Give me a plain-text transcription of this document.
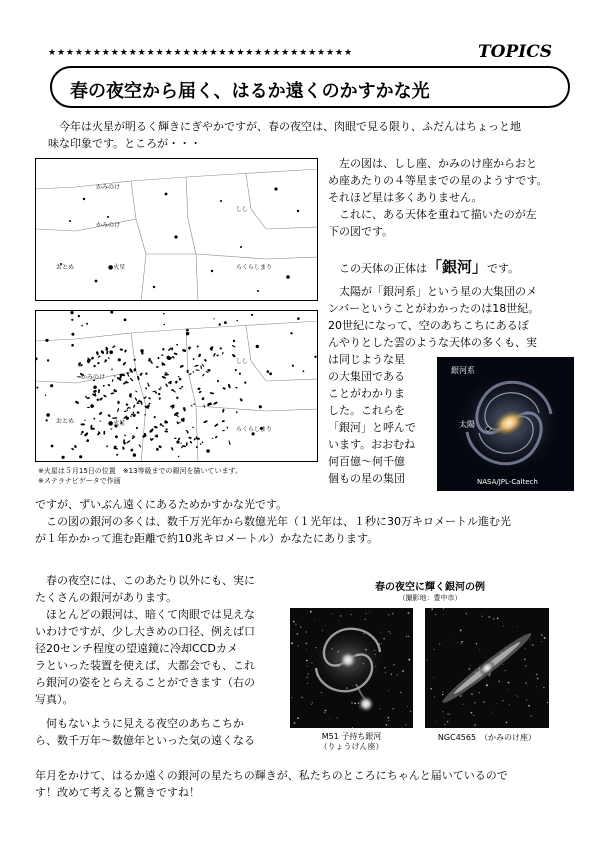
★★★★★★★★★★★★★★★★★★★★★★★★★★★★★★★★★★	TOPICS
春の夜空から届く、はるか遠くのかすかな光

今年は火星が明るく輝きにぎやかですが、春の夜空は、肉眼で見る限り、ふだんはちょっと地

味な印象です。ところが・・・

かみのけ
しし
かみのけ
おとめ	●火星	らくらしまり
しし
かみのけ
おとめ	●火星
らくらしまり
※火星は５月15日の位置　※13等級までの銀河を描いています。
※ステラナビゲータで作画

左の図は、しし座、かみのけ座からおと

め座あたりの４等星までの星のようすです。

それほど星は多くありません。

これに、ある天体を重ねて描いたのが左

下の図です。

この天体の正体は「銀河」です。

太陽が「銀河系」という星の大集団のメ

ンバーということがわかったのは18世紀。

20世紀になって、空のあちこちにあるぼ

んやりとした雲のような天体の多くも、実

は同じような星

の大集団である

ことがわかりま

した。これらを

「銀河」と呼んで

います。おおむね

何百億～何千億

個もの星の集団

銀河系
太陽
NASA/JPL-Caltech

ですが、ずいぶん遠くにあるためかすかな光です。

この図の銀河の多くは、数千万光年から数億光年（１光年は、１秒に30万キロメートル進む光

が１年かかって進む距離で約10兆キロメートル）かなたにあります。

春の夜空には、このあたり以外にも、実に

たくさんの銀河があります。

ほとんどの銀河は、暗くて肉眼では見えな

いわけですが、少し大きめの口径、例えば口

径20センチ程度の望遠鏡に冷却CCDカメ

ラといった装置を使えば、大都会でも、これ

ら銀河の姿をとらえることができます（右の

写真）。

何もないように見える夜空のあちこちか

ら、数千万年～数億年といった気の遠くなる

春の夜空に輝く銀河の例
（撮影地：豊中市）
M51 子持ち銀河
（りょうけん座）
NGC4565　（かみのけ座）

年月をかけて、はるか遠くの銀河の星たちの輝きが、私たちのところにちゃんと届いているので

す！改めて考えると驚きですね！
